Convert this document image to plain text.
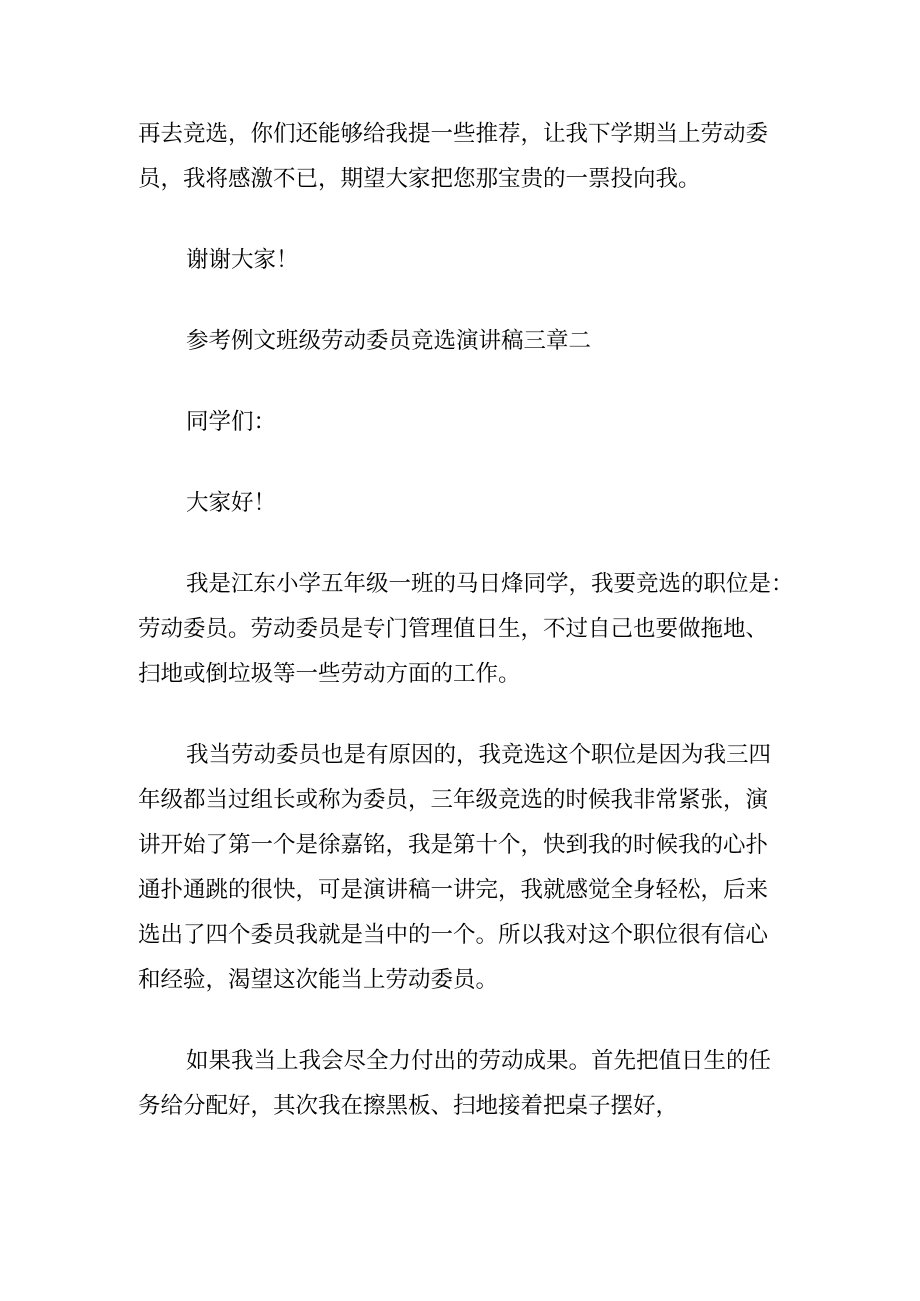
再去竞选，你们还能够给我提一些推荐，让我下学期当上劳动委
员，我将感激不已，期望大家把您那宝贵的一票投向我。

谢谢大家！

参考例文班级劳动委员竞选演讲稿三章二

同学们：

大家好！

我是江东小学五年级一班的马日烽同学，我要竞选的职位是：
劳动委员。劳动委员是专门管理值日生，不过自己也要做拖地、
扫地或倒垃圾等一些劳动方面的工作。

我当劳动委员也是有原因的，我竞选这个职位是因为我三四
年级都当过组长或称为委员，三年级竞选的时候我非常紧张，演
讲开始了第一个是徐嘉铭，我是第十个，快到我的时候我的心扑
通扑通跳的很快，可是演讲稿一讲完，我就感觉全身轻松，后来
选出了四个委员我就是当中的一个。所以我对这个职位很有信心
和经验，渴望这次能当上劳动委员。

如果我当上我会尽全力付出的劳动成果。首先把值日生的任
务给分配好，其次我在擦黑板、扫地接着把桌子摆好，
